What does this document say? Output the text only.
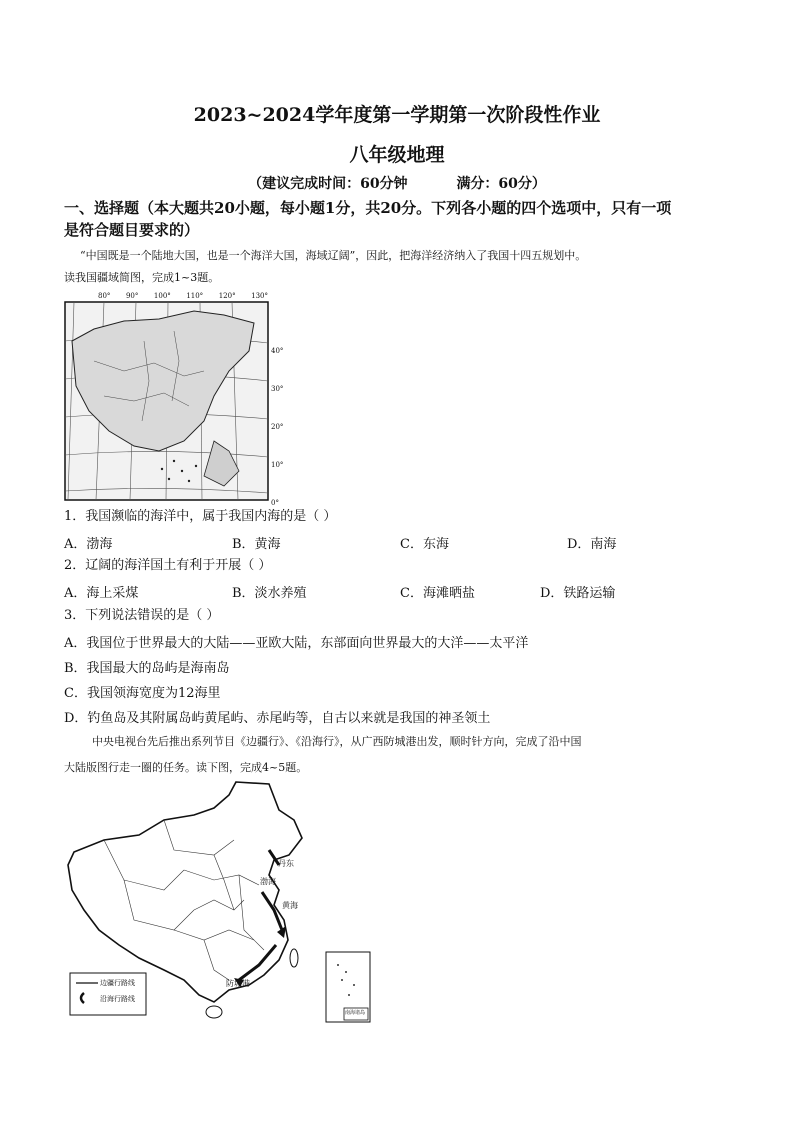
2023~2024学年度第一学期第一次阶段性作业
八年级地理
（建议完成时间：60分钟	满分：60分）
一、选择题（本大题共20小题，每小题1分，共20分。下列各小题的四个选项中，只有一项
是符合题目要求的）
“中国既是一个陆地大国，也是一个海洋大国，海域辽阔”，因此，把海洋经济纳入了我国十四五规划中。
读我国疆域简图，完成1~3题。
80° 90° 100° 110° 120° 130°
40°
30°
20°
10°
0°
1．我国濒临的海洋中，属于我国内海的是（ ）
A．渤海	B．黄海	C．东海	D．南海
2．辽阔的海洋国土有利于开展（ ）
A．海上采煤	B．淡水养殖	C．海滩晒盐	D．铁路运输
3．下列说法错误的是（ ）
A．我国位于世界最大的大陆——亚欧大陆，东部面向世界最大的大洋——太平洋
B．我国最大的岛屿是海南岛
C．我国领海宽度为12海里
D．钓鱼岛及其附属岛屿黄尾屿、赤尾屿等，自古以来就是我国的神圣领土
中央电视台先后推出系列节目《边疆行》、《沿海行》，从广西防城港出发，顺时针方向，完成了沿中国
大陆版图行走一圈的任务。读下图，完成4~5题。
丹东
渤海
黄海
防城港
边疆行路线
沿海行路线
南海诸岛
